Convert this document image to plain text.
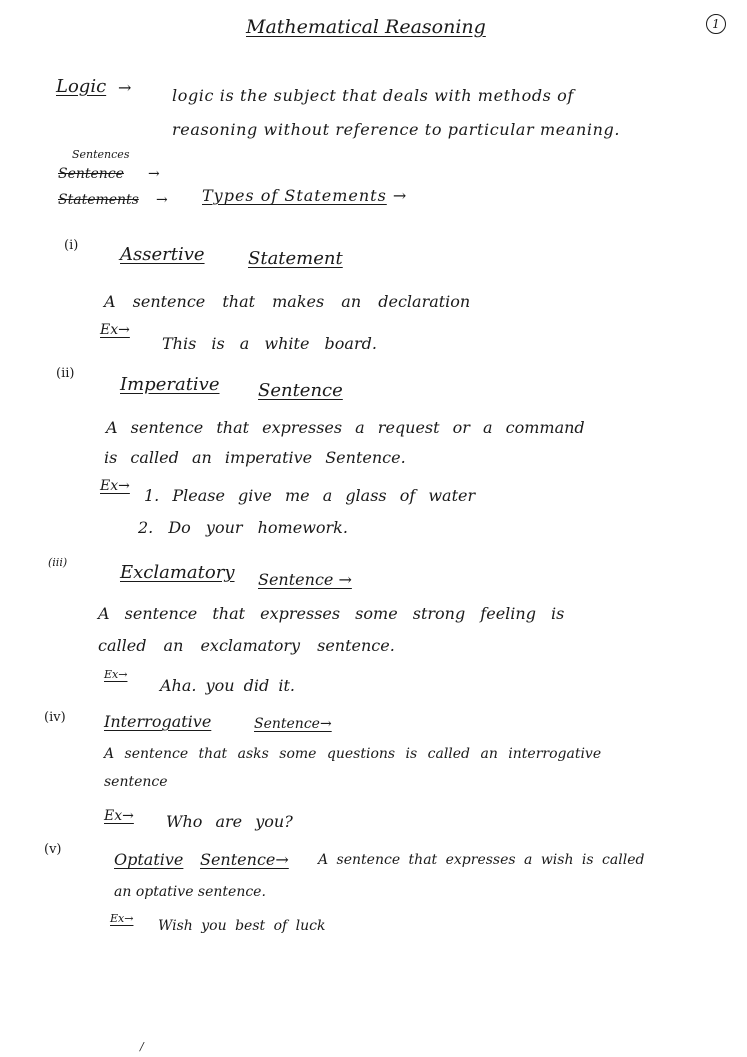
Mathematical Reasoning	1
Logic →	logic is the subject that deals with methods of
reasoning without reference to particular meaning.
Sentences
Sentence →
Statements → Types of Statements →
(i) Assertive Statement
A sentence that makes an declaration
Ex→
This is a white board.
(ii)
Imperative Sentence
A sentence that expresses a request or a command
is called an imperative Sentence.
Ex→ 1. Please give me a glass of water
2. Do your homework.
(iii)	Exclamatory Sentence →
A sentence that expresses some strong feeling is
called an exclamatory sentence.
Ex→
Aha. you did it.
(iv) Interrogative	Sentence→
A sentence that asks some questions is called an interrogative
sentence
Ex→ Who are you?
(v)
Optative Sentence→ A sentence that expresses a wish is called
an optative sentence.
Ex→ Wish you best of luck
/
